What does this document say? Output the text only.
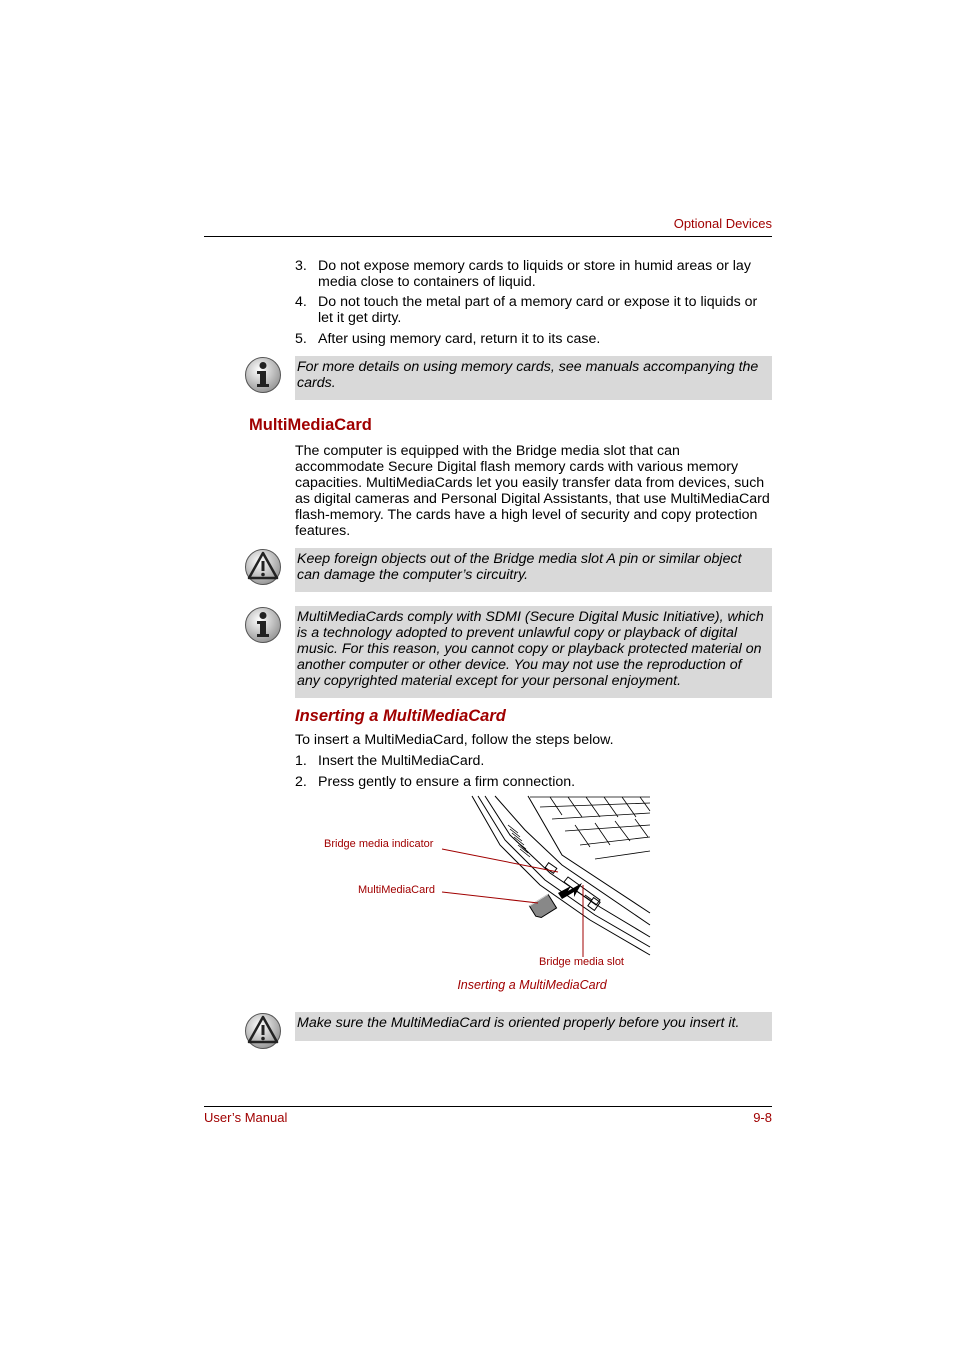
Optional Devices
3. Do not expose memory cards to liquids or store in humid areas or lay media close to containers of liquid.
4. Do not touch the metal part of a memory card or expose it to liquids or let it get dirty.
5. After using memory card, return it to its case.
For more details on using memory cards, see manuals accompanying the cards.
MultiMediaCard
The computer is equipped with the Bridge media slot that can accommodate Secure Digital flash memory cards with various memory capacities. MultiMediaCards let you easily transfer data from devices, such as digital cameras and Personal Digital Assistants, that use MultiMediaCard flash-memory. The cards have a high level of security and copy protection features.
Keep foreign objects out of the Bridge media slot A pin or similar object can damage the computer’s circuitry.
MultiMediaCards comply with SDMI (Secure Digital Music Initiative), which is a technology adopted to prevent unlawful copy or playback of digital music. For this reason, you cannot copy or playback protected material on another computer or other device. You may not use the reproduction of any copyrighted material except for your personal enjoyment.
Inserting a MultiMediaCard
To insert a MultiMediaCard, follow the steps below.
1. Insert the MultiMediaCard.
2. Press gently to ensure a firm connection.
Bridge media indicator
MultiMediaCard
Bridge media slot
Inserting a MultiMediaCard
Make sure the MultiMediaCard is oriented properly before you insert it.
User’s Manual	9-8
